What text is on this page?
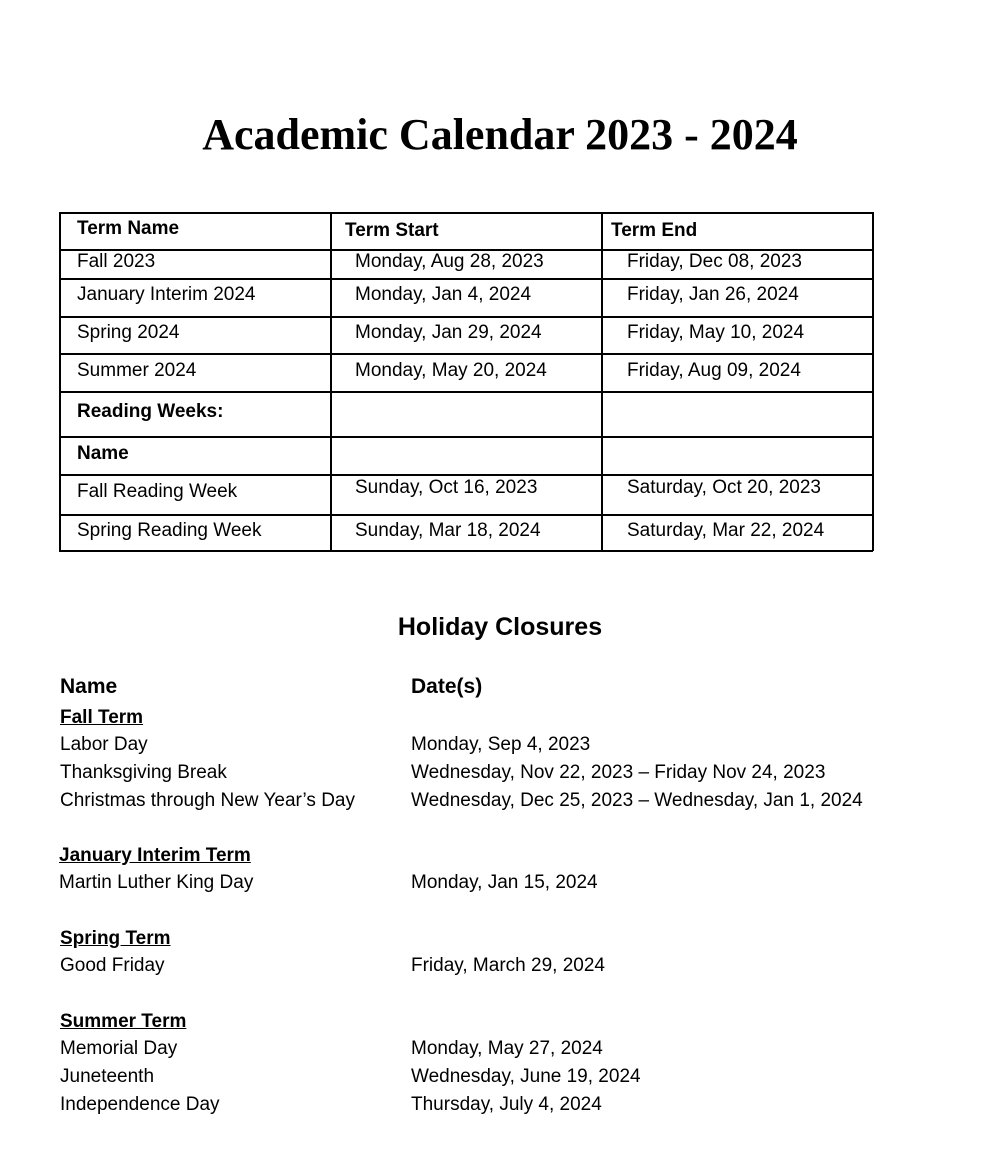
Academic Calendar 2023 - 2024
Term Name	Term Start	Term End
Fall 2023	Monday, Aug 28, 2023	Friday, Dec 08, 2023
January Interim 2024	Monday, Jan 4, 2024	Friday, Jan 26, 2024
Spring 2024	Monday, Jan 29, 2024	Friday, May 10, 2024
Summer 2024	Monday, May 20, 2024	Friday, Aug 09, 2024
Reading Weeks:
Name
Fall Reading Week	Sunday, Oct 16, 2023	Saturday, Oct 20, 2023
Spring Reading Week	Sunday, Mar 18, 2024	Saturday, Mar 22, 2024
Holiday Closures
Name	Date(s)
Fall Term
Labor Day	Monday, Sep 4, 2023
Thanksgiving Break	Wednesday, Nov 22, 2023 – Friday Nov 24, 2023
Christmas through New Year’s Day	Wednesday, Dec 25, 2023 – Wednesday, Jan 1, 2024
January Interim Term
Martin Luther King Day	Monday, Jan 15, 2024
Spring Term
Good Friday	Friday, March 29, 2024
Summer Term
Memorial Day	Monday, May 27, 2024
Juneteenth	Wednesday, June 19, 2024
Independence Day	Thursday, July 4, 2024
